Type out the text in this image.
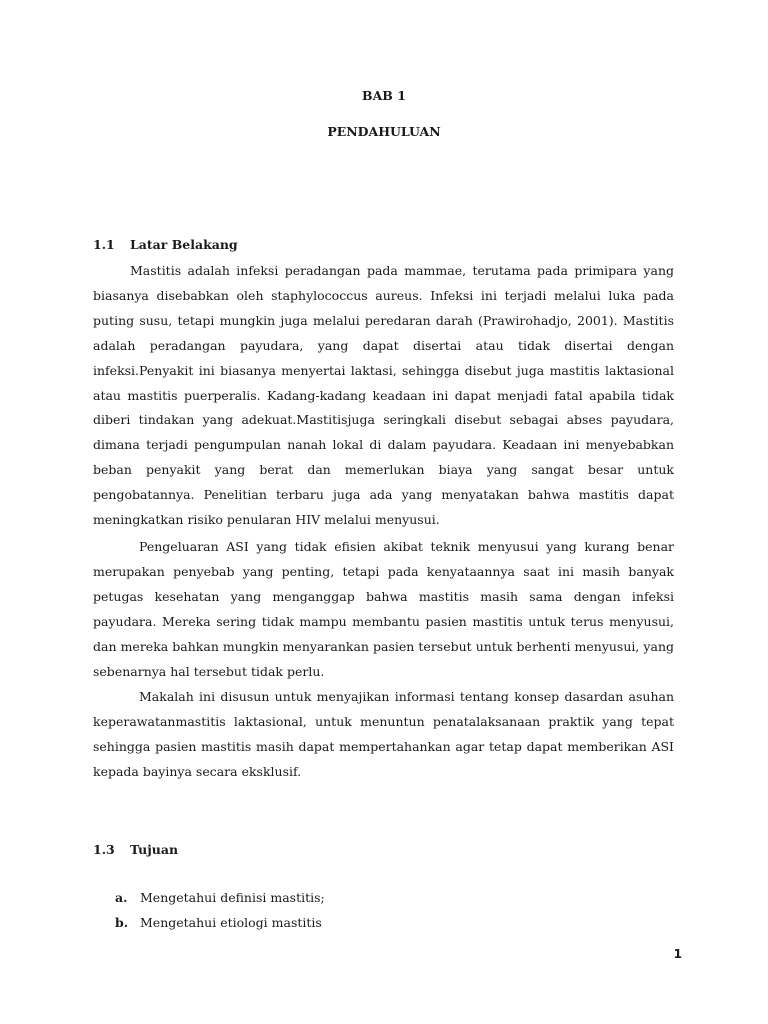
BAB 1
PENDAHULUAN
1.1 Latar Belakang

Mastitis adalah infeksi peradangan pada mammae, terutama pada primipara yang biasanya disebabkan oleh staphylococcus aureus. Infeksi ini terjadi melalui luka pada puting susu, tetapi mungkin juga melalui peredaran darah (Prawirohadjo, 2001). Mastitis adalah peradangan payudara, yang dapat disertai atau tidak disertai dengan infeksi.Penyakit ini biasanya menyertai laktasi, sehingga disebut juga mastitis laktasional atau mastitis puerperalis. Kadang-kadang keadaan ini dapat menjadi fatal apabila tidak diberi tindakan yang adekuat.Mastitisjuga seringkali disebut sebagai abses payudara, dimana terjadi pengumpulan nanah lokal di dalam payudara. Keadaan ini menyebabkan beban penyakit yang berat dan memerlukan biaya yang sangat besar untuk pengobatannya. Penelitian terbaru juga ada yang menyatakan bahwa mastitis dapat meningkatkan risiko penularan HIV melalui menyusui.

Pengeluaran ASI yang tidak efisien akibat teknik menyusui yang kurang benar merupakan penyebab yang penting, tetapi pada kenyataannya saat ini masih banyak petugas kesehatan yang menganggap bahwa mastitis masih sama dengan infeksi payudara. Mereka sering tidak mampu membantu pasien mastitis untuk terus menyusui, dan mereka bahkan mungkin menyarankan pasien tersebut untuk berhenti menyusui, yang sebenarnya hal tersebut tidak perlu.

Makalah ini disusun untuk menyajikan informasi tentang konsep dasardan asuhan keperawatanmastitis laktasional, untuk menuntun penatalaksanaan praktik yang tepat sehingga pasien mastitis masih dapat mempertahankan agar tetap dapat memberikan ASI kepada bayinya secara eksklusif.

1.3 Tujuan
a. Mengetahui definisi mastitis;
b. Mengetahui etiologi mastitis
1
